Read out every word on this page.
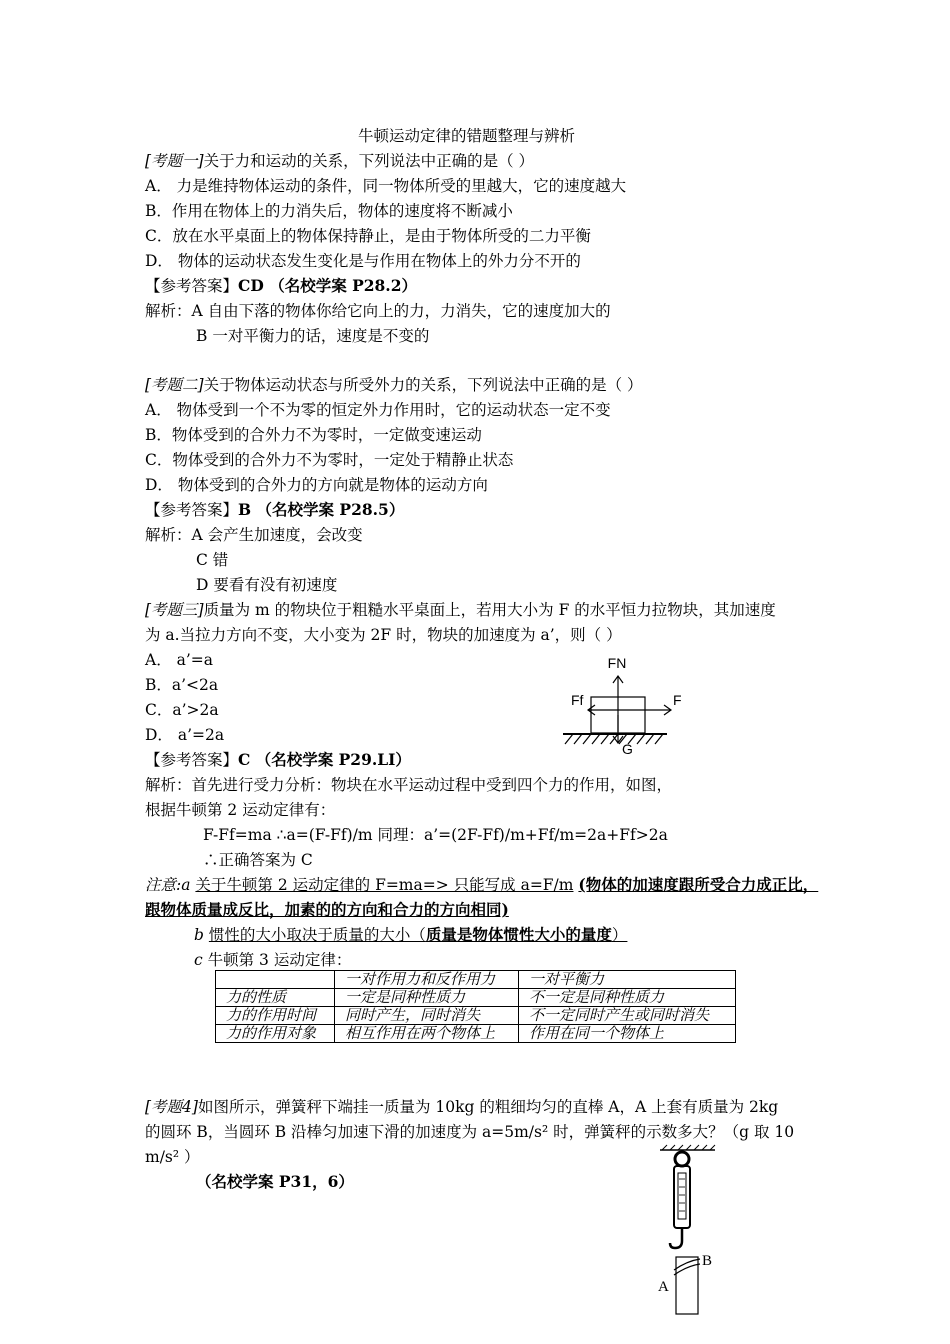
牛顿运动定律的错题整理与辨析
[考题一]关于力和运动的关系，下列说法中正确的是（ ）
A． 力是维持物体运动的条件，同一物体所受的里越大，它的速度越大
B．作用在物体上的力消失后，物体的速度将不断减小
C．放在水平桌面上的物体保持静止，是由于物体所受的二力平衡
D． 物体的运动状态发生变化是与作用在物体上的外力分不开的
【参考答案】CD （名校学案 P28.2）
解析：A 自由下落的物体你给它向上的力，力消失，它的速度加大的
B 一对平衡力的话，速度是不变的
[考题二]关于物体运动状态与所受外力的关系，下列说法中正确的是（ ）
A． 物体受到一个不为零的恒定外力作用时，它的运动状态一定不变
B．物体受到的合外力不为零时，一定做变速运动
C．物体受到的合外力不为零时，一定处于精静止状态
D． 物体受到的合外力的方向就是物体的运动方向
【参考答案】B （名校学案 P28.5）
解析：A 会产生加速度，会改变
C 错
D 要看有没有初速度
[考题三]质量为 m 的物块位于粗糙水平桌面上，若用大小为 F 的水平恒力拉物块，其加速度
为 a.当拉力方向不变，大小变为 2F 时，物块的加速度为 a’，则（ ）
A． a’=a
B．a’<2a
C．a’>2a
D． a’=2a
FN
Ff	F
G
【参考答案】C （名校学案 P29.LI）
解析：首先进行受力分析：物块在水平运动过程中受到四个力的作用，如图，
根据牛顿第 2 运动定律有：
F-Ff=ma ∴a=(F-Ff)/m 同理：a’=(2F-Ff)/m+Ff/m=2a+Ff>2a
∴正确答案为 C
注意:a 关于牛顿第 2 运动定律的 F=ma=> 只能写成 a=F/m (物体的加速度跟所受合力成正比，
跟物体质量成反比，加素的的方向和合力的方向相同)
b 惯性的大小取决于质量的大小（质量是物体惯性大小的量度）
c 牛顿第 3 运动定律：
	一对作用力和反作用力	一对平衡力
力的性质	一定是同种性质力	不一定是同种性质力
力的作用时间	同时产生，同时消失	不一定同时产生或同时消失
力的作用对象	相互作用在两个物体上	作用在同一个物体上
[考题4]如图所示，弹簧秤下端挂一质量为 10kg 的粗细均匀的直棒 A，A 上套有质量为 2kg
的圆环 B，当圆环 B 沿棒匀加速下滑的加速度为 a=5m/s² 时，弹簧秤的示数多大？（g 取 10
m/s² ）
（名校学案 P31，6）
A
B
